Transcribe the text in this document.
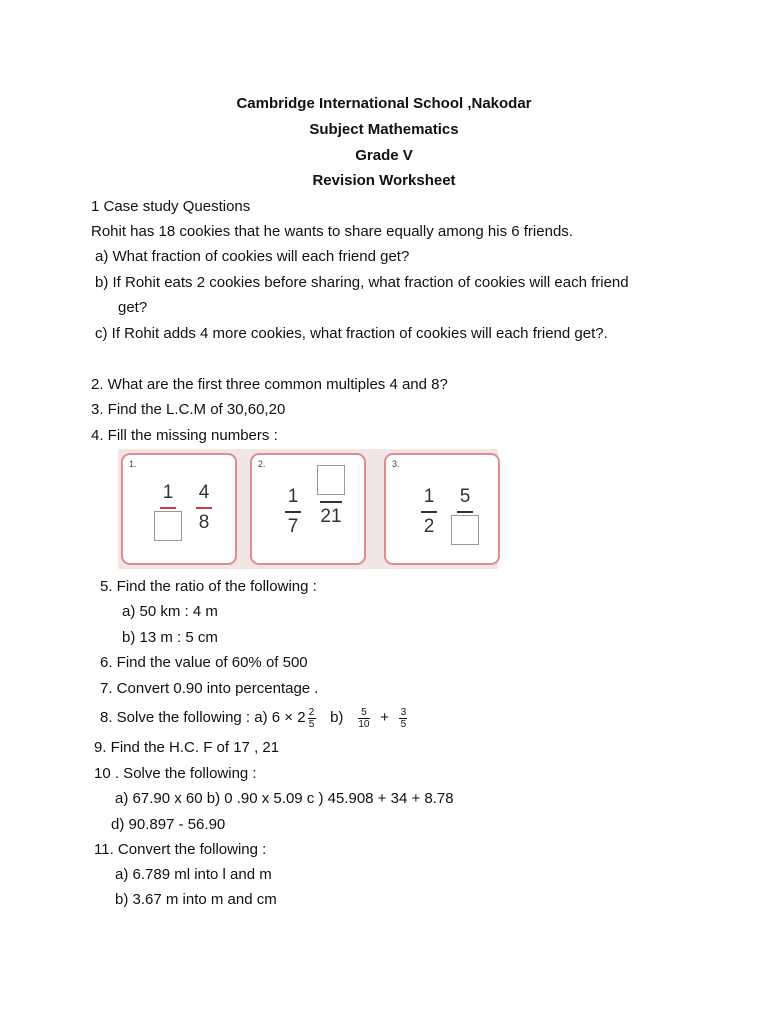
Cambridge International School ,Nakodar
Subject Mathematics
Grade V
Revision Worksheet
1 Case study Questions
Rohit has 18 cookies that he wants to share equally among his 6 friends.
a) What fraction of cookies will each friend get?
b) If Rohit eats 2 cookies before sharing, what fraction of cookies will each friend
get?
c) If Rohit adds 4 more cookies, what fraction of cookies will each friend get?.
2. What are the first three common multiples 4 and 8?
3. Find the L.C.M of 30,60,20
4. Fill the missing numbers :
1.
1 4
8
2.
1
7 21
3.
1
2
5
5. Find the ratio of the following :
a) 50 km : 4 m
b) 13 m : 5 cm
6. Find the value of 60% of 500
7. Convert 0.90 into percentage .
8. Solve the following : a) $6 \times 2 \frac{2}{5} b) \frac{5}{10} + \frac{3}{5}$
9. Find the H.C. F of 17 , 21
10 . Solve the following :
a) 67.90 x 60 b) 0 .90 x 5.09 c ) 45.908 + 34 + 8.78
d) 90.897 - 56.90
11. Convert the following :
a) 6.789 ml into l and m
b) 3.67 m into m and cm
